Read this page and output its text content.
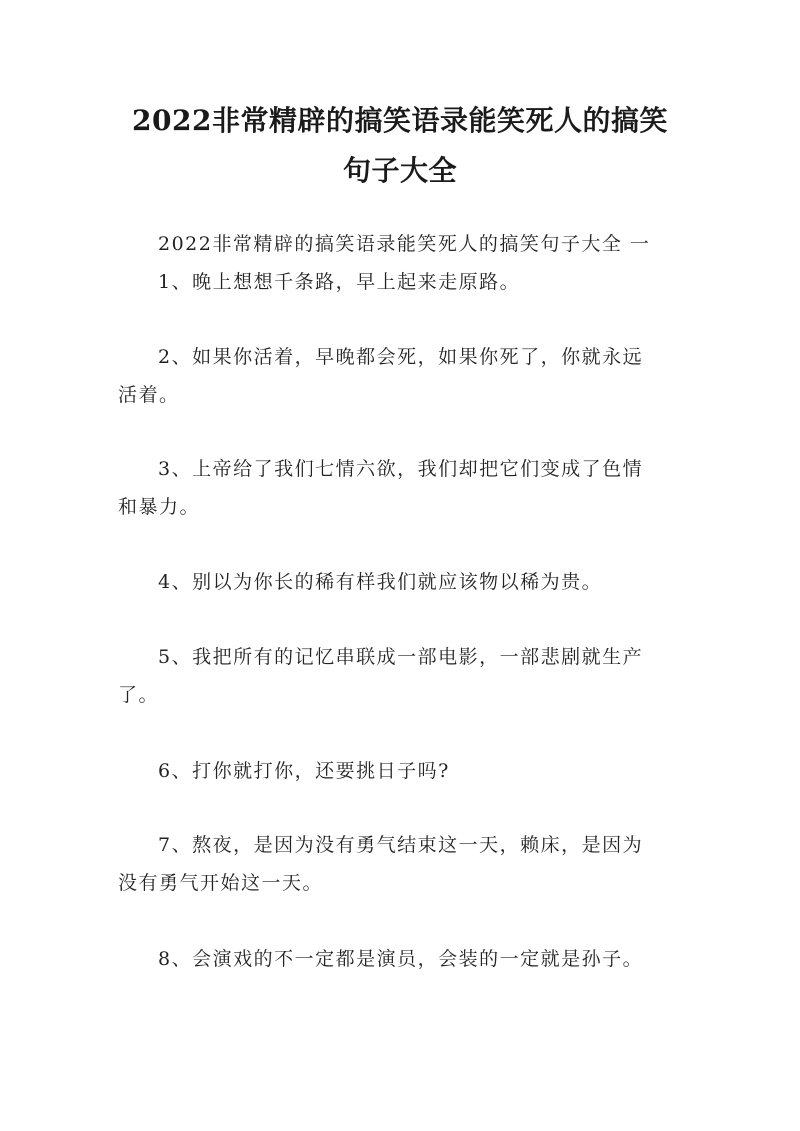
2022非常精辟的搞笑语录能笑死人的搞笑
句子大全
2022非常精辟的搞笑语录能笑死人的搞笑句子大全 一
1、晚上想想千条路，早上起来走原路。
2、如果你活着，早晚都会死，如果你死了，你就永远
活着。
3、上帝给了我们七情六欲，我们却把它们变成了色情
和暴力。
4、别以为你长的稀有样我们就应该物以稀为贵。
5、我把所有的记忆串联成一部电影，一部悲剧就生产
了。
6、打你就打你，还要挑日子吗?
7、熬夜，是因为没有勇气结束这一天，赖床，是因为
没有勇气开始这一天。
8、会演戏的不一定都是演员，会装的一定就是孙子。
